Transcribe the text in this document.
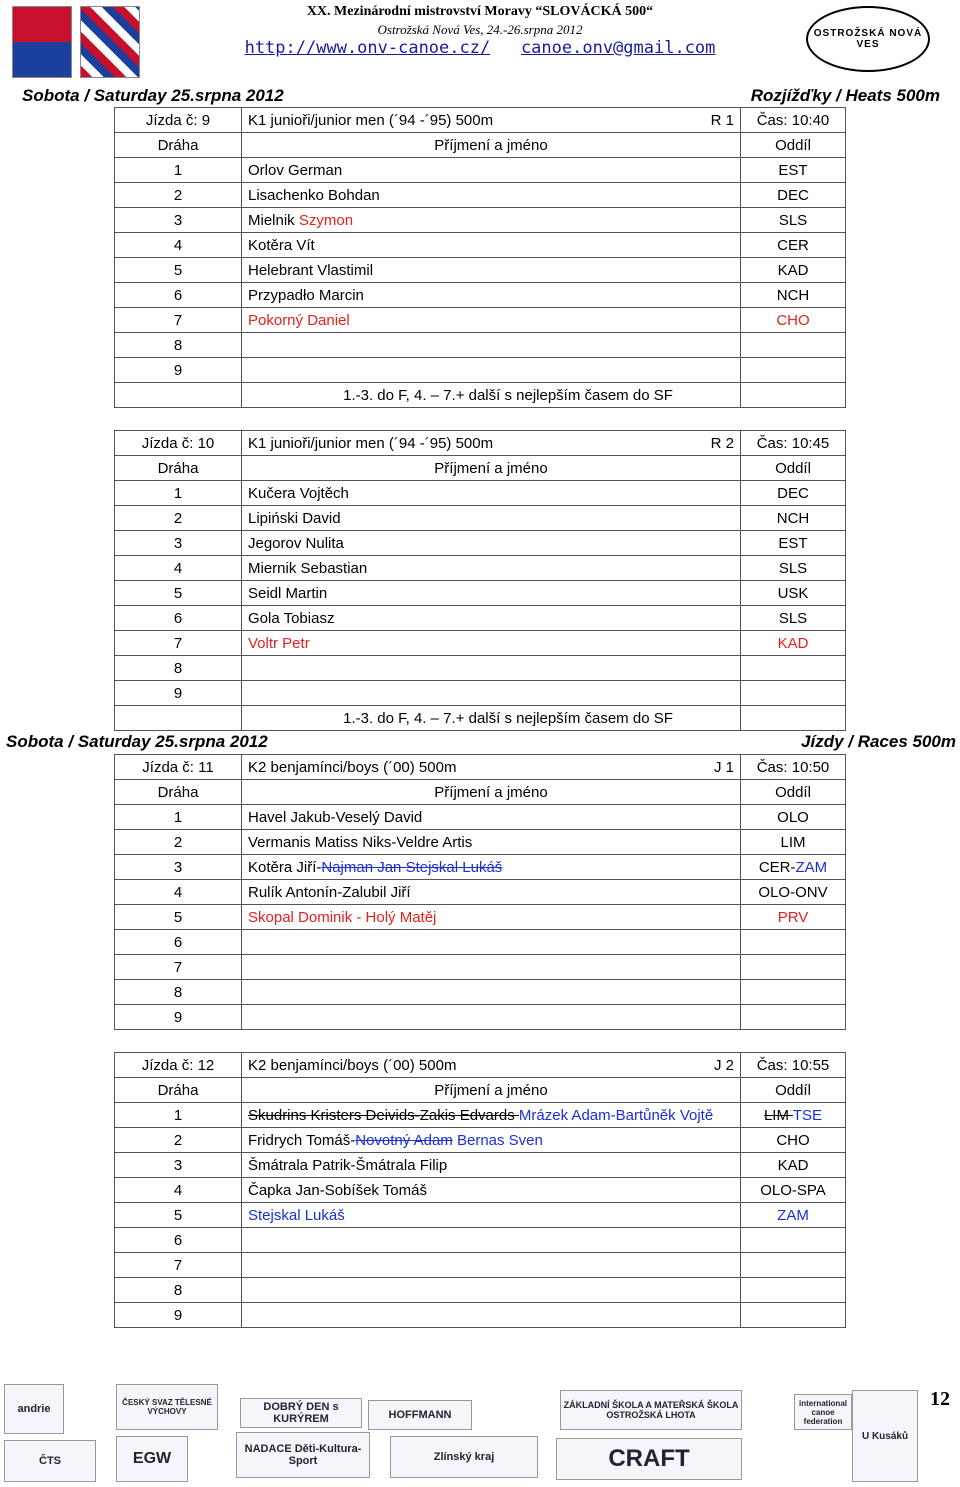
XX. Mezinárodní mistrovství Moravy “SLOVÁCKÁ 500“
Ostrožská Nová Ves, 24.-26.srpna 2012
http://www.onv-canoe.cz/ canoe.onv@gmail.com
OSTROŽSKÁ NOVÁ VES
Sobota / Saturday 25.srpna 2012	Rozjížďky / Heats 500m
Jízda č: 9	K1 junioři/junior men (´94 -´95) 500m R 1	Čas: 10:40
Dráha	Příjmení a jméno	Oddíl
1	Orlov German	EST
2	Lisachenko Bohdan	DEC
3	Mielnik Szymon	SLS
4	Kotěra Vít	CER
5	Helebrant Vlastimil	KAD
6	Przypadło Marcin	NCH
7	Pokorný Daniel	CHO
8		
9		
	1.-3. do F, 4. – 7.+ další s nejlepším časem do SF	
Jízda č: 10	K1 junioři/junior men (´94 -´95) 500m R 2	Čas: 10:45
Dráha	Příjmení a jméno	Oddíl
1	Kučera Vojtěch	DEC
2	Lipiński David	NCH
3	Jegorov Nulita	EST
4	Miernik Sebastian	SLS
5	Seidl Martin	USK
6	Gola Tobiasz	SLS
7	Voltr Petr	KAD
8		
9		
	1.-3. do F, 4. – 7.+ další s nejlepším časem do SF	
Sobota / Saturday 25.srpna 2012	Jízdy / Races 500m
Jízda č: 11	K2 benjamínci/boys (´00) 500m J 1	Čas: 10:50
Dráha	Příjmení a jméno	Oddíl
1	Havel Jakub-Veselý David	OLO
2	Vermanis Matiss Niks-Veldre Artis	LIM
3	Kotěra Jiří-Najman Jan Stejskal Lukáš	CER-ZAM
4	Rulík Antonín-Zalubil Jiří	OLO-ONV
5	Skopal Dominik - Holý Matěj	PRV
6		
7		
8		
9		
Jízda č: 12	K2 benjamínci/boys (´00) 500m J 2	Čas: 10:55
Dráha	Příjmení a jméno	Oddíl
1	Skudrins Kristers Deivids-Zakis Edvards Mrázek Adam-Bartůněk Vojtě	LIM TSE
2	Fridrych Tomáš-Novotný Adam Bernas Sven	CHO
3	Šmátrala Patrik-Šmátrala Filip	KAD
4	Čapka Jan-Sobíšek Tomáš	OLO-SPA
5	Stejskal Lukáš	ZAM
6		
7		
8		
9		
andrie
ČTS
ČESKÝ SVAZ TĚLESNÉ VÝCHOVY
EGW
DOBRÝ DEN s KURÝREM	HOFFMANN
NADACE Děti-Kultura-Sport	Zlínský kraj
ZÁKLADNÍ ŠKOLA A MATEŘSKÁ ŠKOLA OSTROŽSKÁ LHOTA
CRAFT
international canoe federation
U Kusáků
12
